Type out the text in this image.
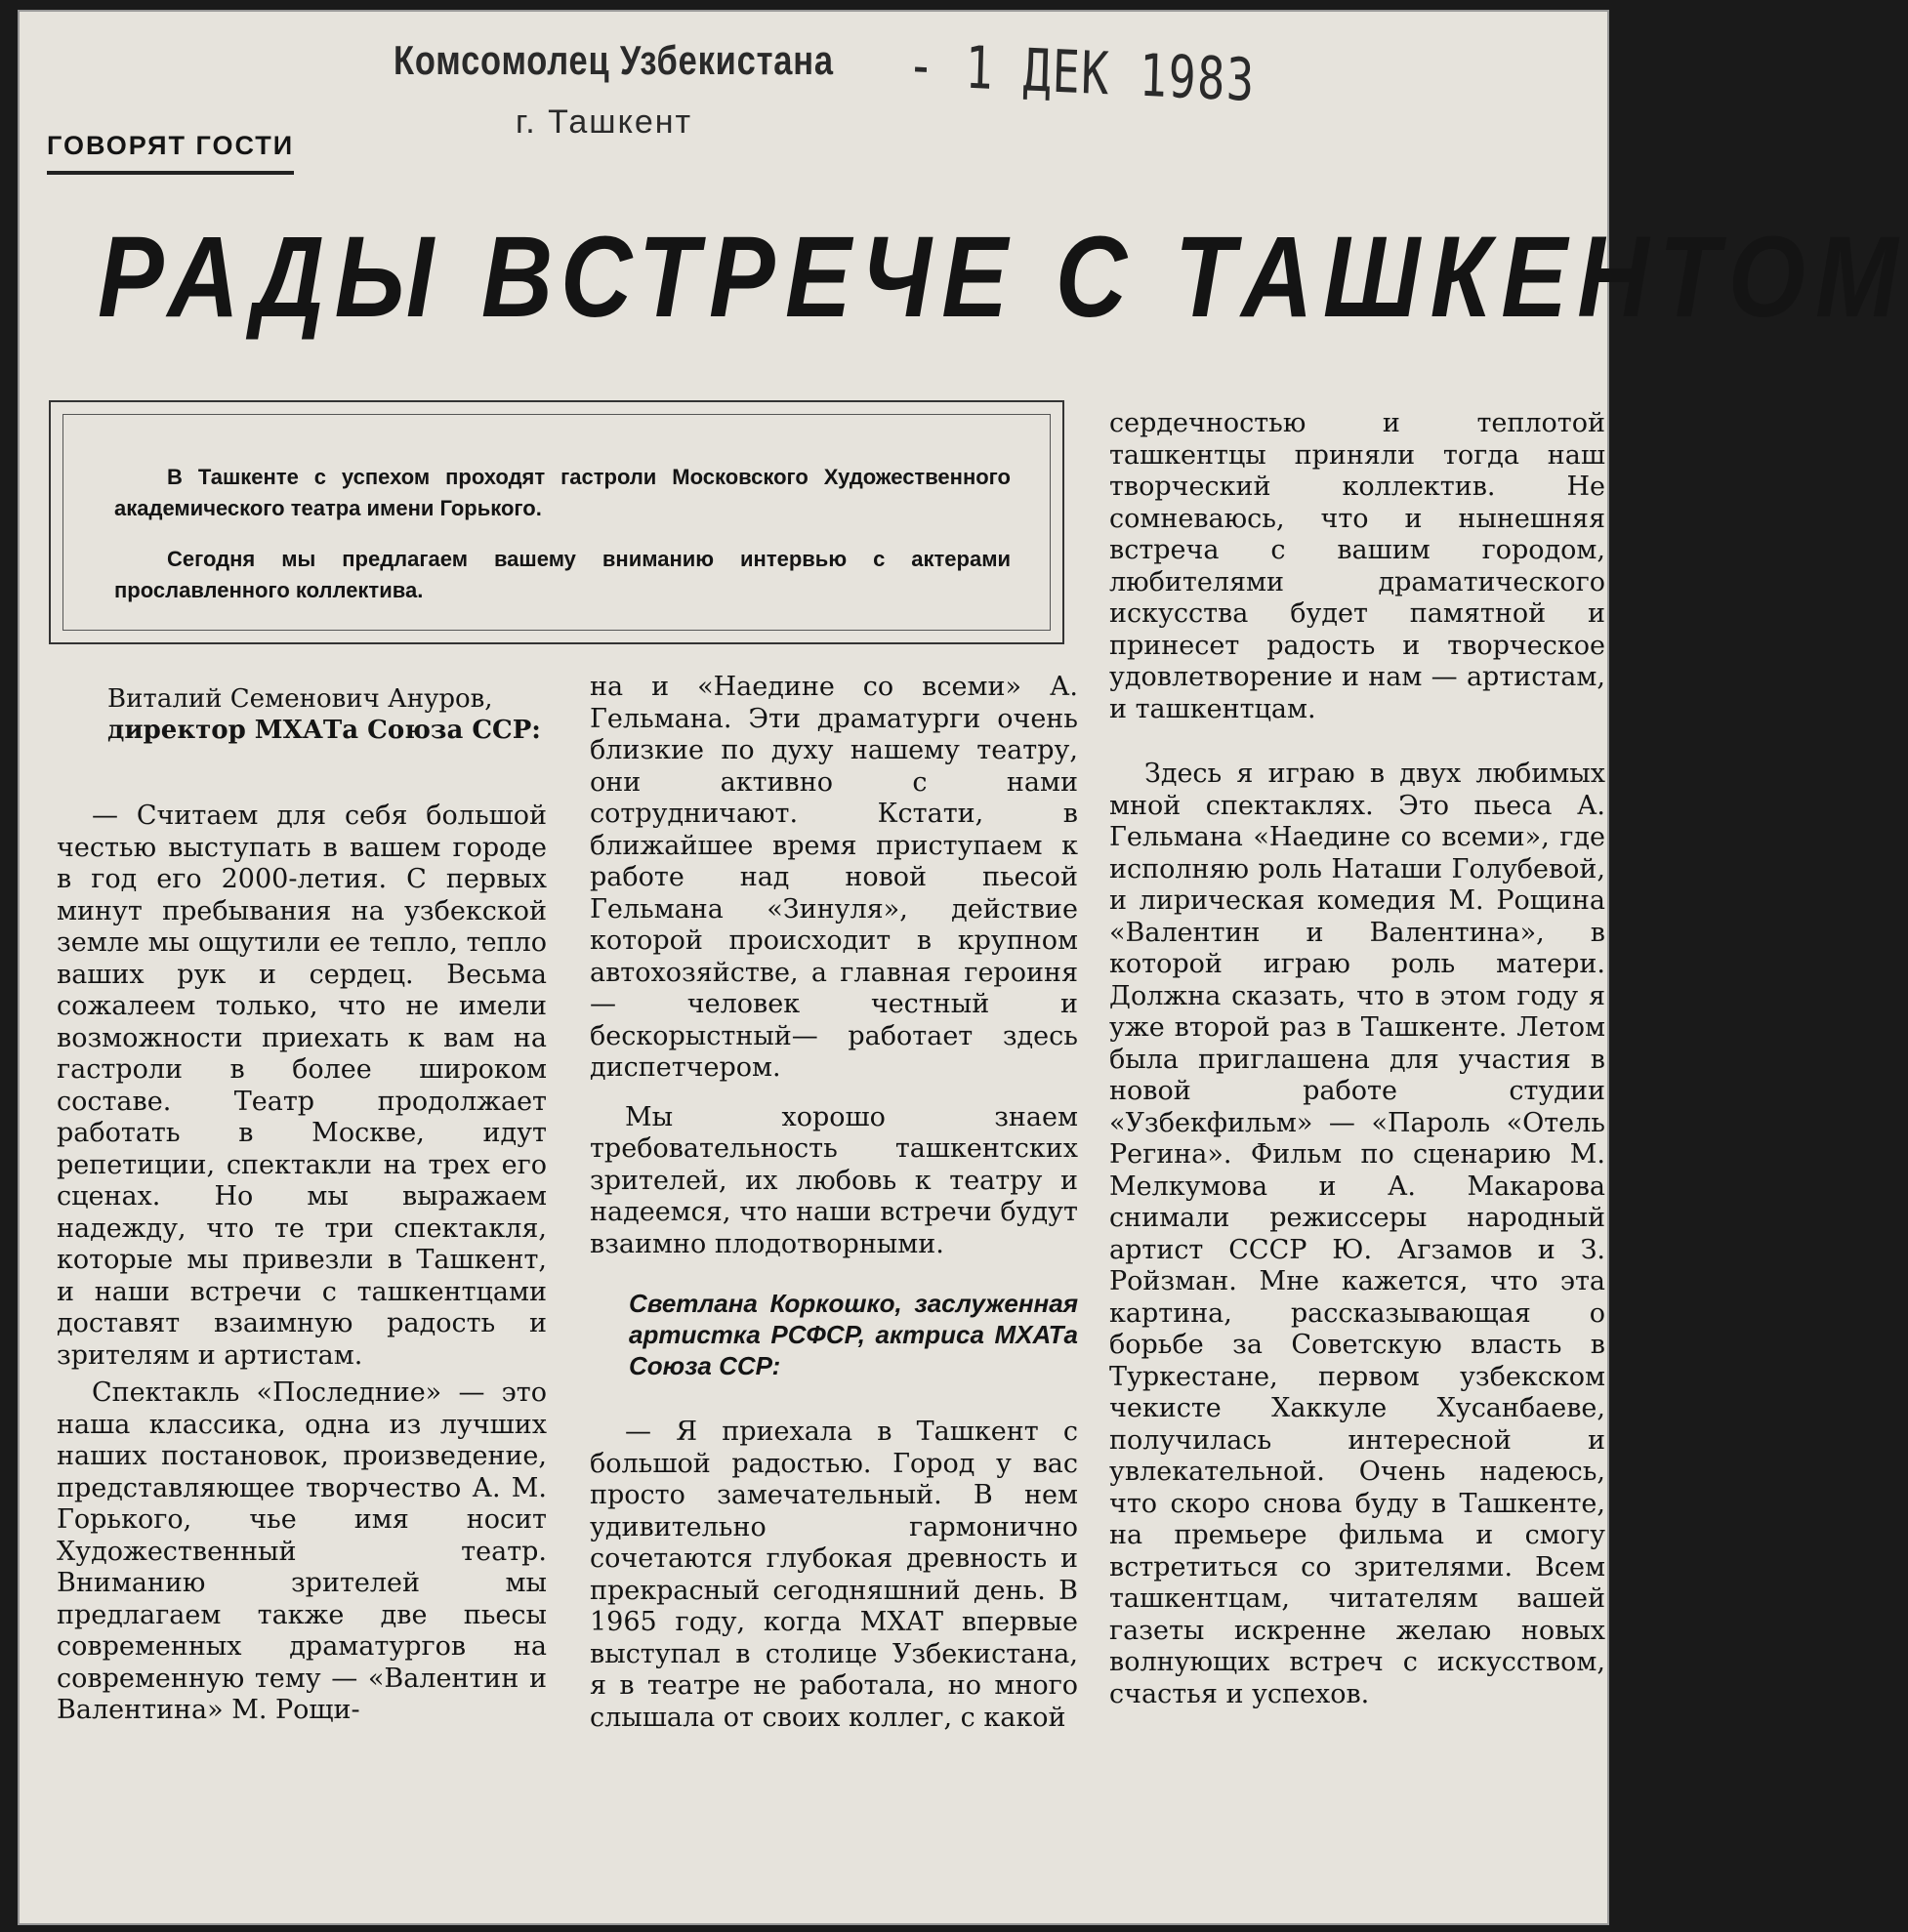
Комсомолец Узбекистана - 1 ДЕК 1983
г. Ташкент
ГОВОРЯТ ГОСТИ
РАДЫ ВСТРЕЧЕ С ТАШКЕНТОМ

В Ташкенте с успехом проходят гастроли Московского Художественного академического театра имени Горького.

Сегодня мы предлагаем вашему вниманию интервью с актерами прославленного коллектива.

Виталий Семенович Ануров,
директор МХАТа Союза ССР:

— Считаем для себя большой честью выступать в вашем городе в год его 2000-летия. С первых минут пребывания на узбекской земле мы ощутили ее тепло, тепло ваших рук и сердец. Весьма сожалеем только, что не имели возможности приехать к вам на гастроли в более широком составе. Театр продолжает работать в Москве, идут репетиции, спектакли на трех его сценах. Но мы выражаем надежду, что те три спектакля, которые мы привезли в Ташкент, и наши встречи с ташкентцами доставят взаимную радость и зрителям и артистам.

Спектакль «Последние» — это наша классика, одна из лучших наших постановок, произведение, представляющее творчество А. М. Горького, чье имя носит Художественный театр. Вниманию зрителей мы предлагаем также две пьесы современных драматургов на современную тему — «Валентин и Валентина» М. Рощи-

на и «Наедине со всеми» А. Гельмана. Эти драматурги очень близкие по духу нашему театру, они активно с нами сотрудничают. Кстати, в ближайшее время приступаем к работе над новой пьесой Гельмана «Зинуля», действие которой происходит в крупном автохозяйстве, а главная героиня — человек честный и бескорыстный— работает здесь диспетчером.

Мы хорошо знаем требовательность ташкентских зрителей, их любовь к театру и надеемся, что наши встречи будут взаимно плодотворными.

Светлана Коркошко, заслуженная артистка РСФСР, актриса МХАТа Союза ССР:

— Я приехала в Ташкент с большой радостью. Город у вас просто замечательный. В нем удивительно гармонично сочетаются глубокая древность и прекрасный сегодняшний день. В 1965 году, когда МХАТ впервые выступал в столице Узбекистана, я в театре не работала, но много слышала от своих коллег, с какой

сердечностью и теплотой ташкентцы приняли тогда наш творческий коллектив. Не сомневаюсь, что и нынешняя встреча с вашим городом, любителями драматического искусства будет памятной и принесет радость и творческое удовлетворение и нам — артистам, и ташкентцам.

Здесь я играю в двух любимых мной спектаклях. Это пьеса А. Гельмана «Наедине со всеми», где исполняю роль Наташи Голубевой, и лирическая комедия М. Рощина «Валентин и Валентина», в которой играю роль матери. Должна сказать, что в этом году я уже второй раз в Ташкенте. Летом была приглашена для участия в новой работе студии «Узбекфильм» — «Пароль «Отель Регина». Фильм по сценарию М. Мелкумова и А. Макарова снимали режиссеры народный артист СССР Ю. Агзамов и З. Ройзман. Мне кажется, что эта картина, рассказывающая о борьбе за Советскую власть в Туркестане, первом узбекском чекисте Хаккуле Хусанбаеве, получилась интересной и увлекательной. Очень надеюсь, что скоро снова буду в Ташкенте, на премьере фильма и смогу встретиться со зрителями. Всем ташкентцам, читателям вашей газеты искренне желаю новых волнующих встреч с искусством, счастья и успехов.
